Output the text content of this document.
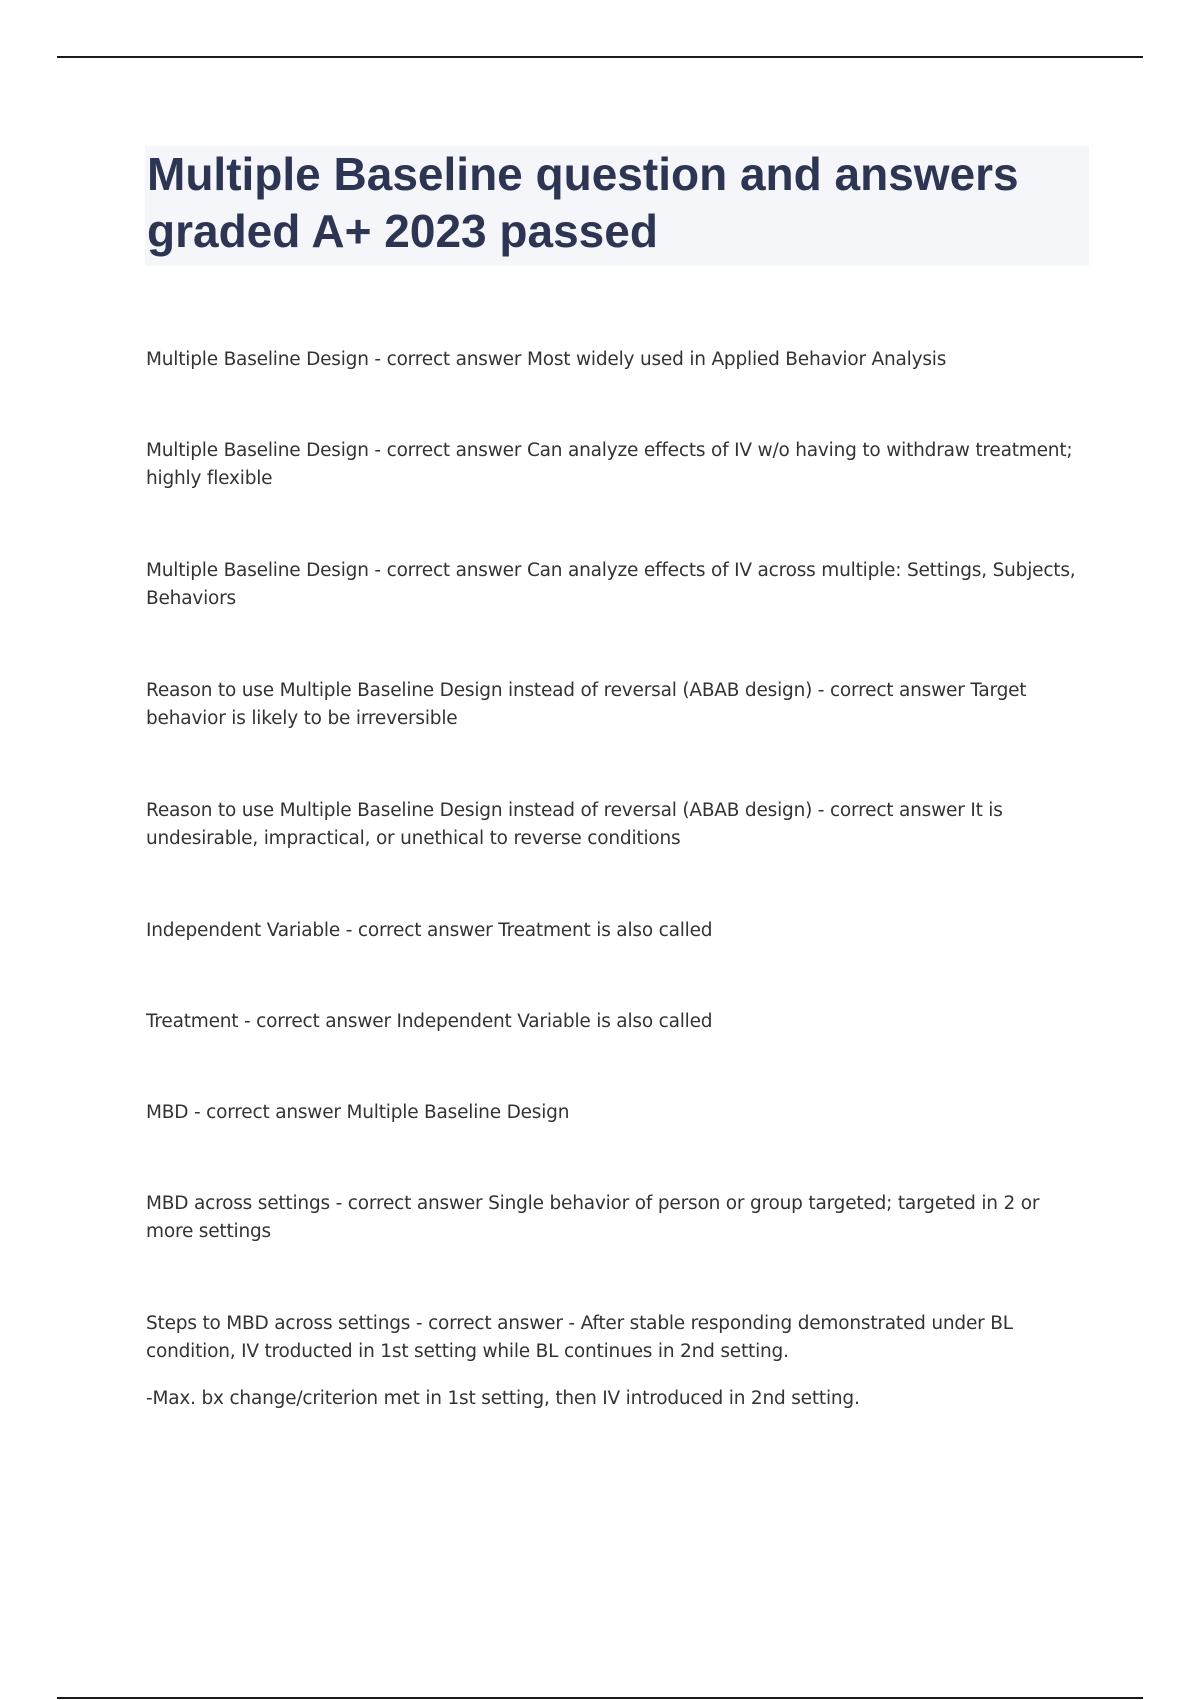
Multiple Baseline question and answers graded A+ 2023 passed

Multiple Baseline Design - correct answer Most widely used in Applied Behavior Analysis

Multiple Baseline Design - correct answer Can analyze effects of IV w/o having to withdraw treatment; highly flexible

Multiple Baseline Design - correct answer Can analyze effects of IV across multiple: Settings, Subjects, Behaviors

Reason to use Multiple Baseline Design instead of reversal (ABAB design) - correct answer Target behavior is likely to be irreversible

Reason to use Multiple Baseline Design instead of reversal (ABAB design) - correct answer It is undesirable, impractical, or unethical to reverse conditions

Independent Variable - correct answer Treatment is also called

Treatment - correct answer Independent Variable is also called

MBD - correct answer Multiple Baseline Design

MBD across settings - correct answer Single behavior of person or group targeted; targeted in 2 or more settings

Steps to MBD across settings - correct answer - After stable responding demonstrated under BL condition, IV troducted in 1st setting while BL continues in 2nd setting.

-Max. bx change/criterion met in 1st setting, then IV introduced in 2nd setting.
